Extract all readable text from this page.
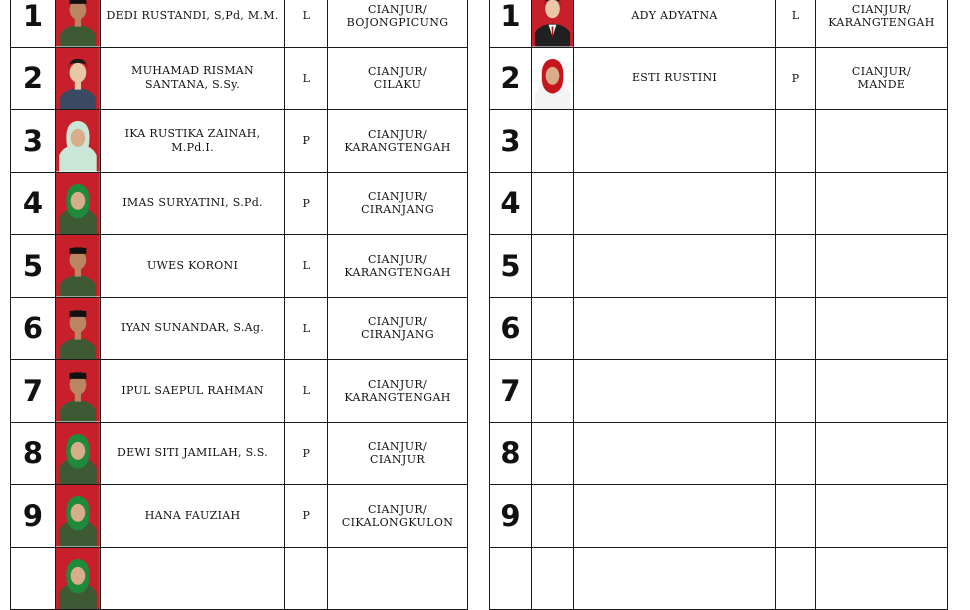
1		DEDI RUSTANDI, S,Pd, M.M.	L	CIANJUR/
BOJONGPICUNG

2		MUHAMAD RISMAN SANTANA, S.Sy.	L	CIANJUR/
CILAKU

3		IKA RUSTIKA ZAINAH, M.Pd.I.	P	CIANJUR/
KARANGTENGAH

4		IMAS SURYATINI, S.Pd.	P	CIANJUR/
CIRANJANG

5		UWES KORONI	L	CIANJUR/
KARANGTENGAH

6		IYAN SUNANDAR, S.Ag.	L	CIANJUR/
CIRANJANG

7		IPUL SAEPUL RAHMAN	L	CIANJUR/
KARANGTENGAH

8		DEWI SITI JAMILAH, S.S.	P	CIANJUR/
CIANJUR

9		HANA FAUZIAH	P	CIANJUR/
CIKALONGKULON

1		ADY ADYATNA	L	CIANJUR/
KARANGTENGAH

2		ESTI RUSTINI	P	CIANJUR/
MANDE

3				

4				

5				

6				

7				

8				

9				
